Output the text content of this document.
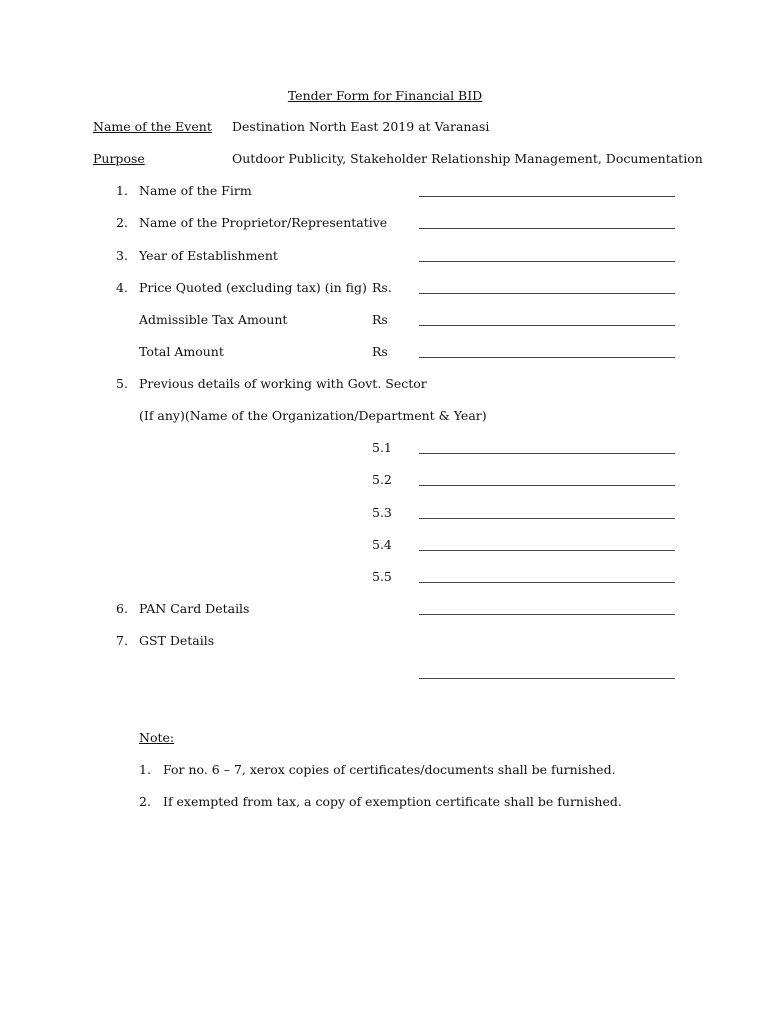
Tender Form for Financial BID
Name of the Event Destination North East 2019 at Varanasi
Purpose	Outdoor Publicity, Stakeholder Relationship Management, Documentation
1. Name of the Firm
2. Name of the Proprietor/Representative
3. Year of Establishment
4. Price Quoted (excluding tax) (in fig) Rs.
Admissible Tax Amount	Rs
Total Amount	Rs
5. Previous details of working with Govt. Sector
(If any)(Name of the Organization/Department & Year)
5.1
5.2
5.3
5.4
5.5
6. PAN Card Details
7. GST Details
Note:
1. For no. 6 – 7, xerox copies of certificates/documents shall be furnished.
2. If exempted from tax, a copy of exemption certificate shall be furnished.
